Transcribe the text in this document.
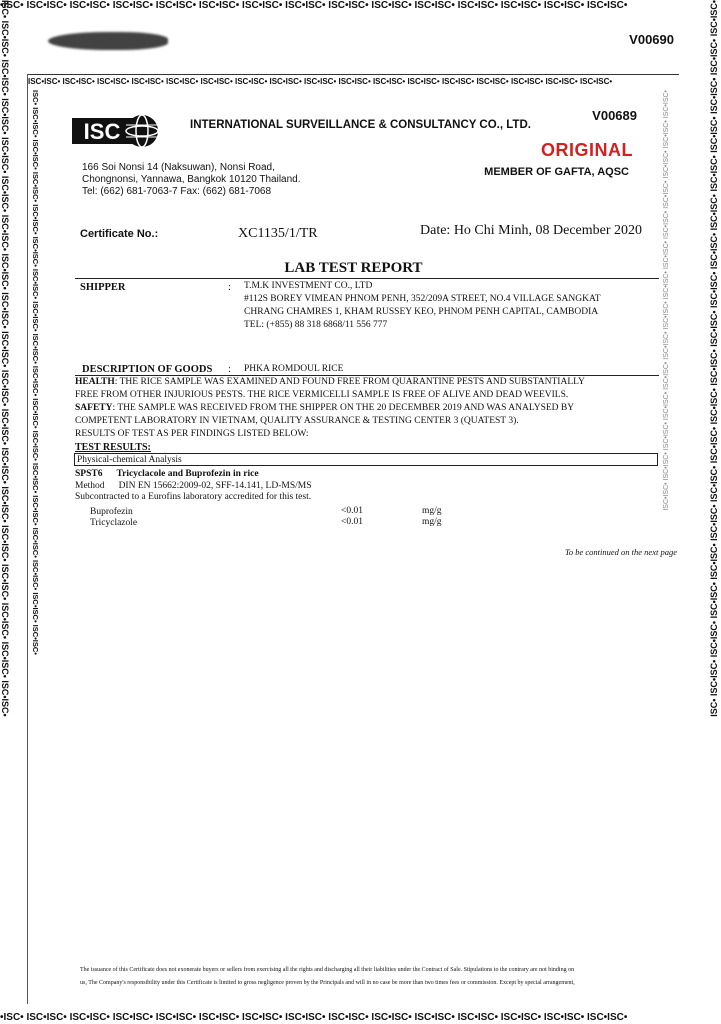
•ISC• ISC•ISC• ISC•ISC• ISC•ISC• ISC•ISC• ISC•ISC• ISC•ISC• ISC•ISC• ISC•ISC• ISC•ISC• ISC•ISC• ISC•ISC• ISC•ISC• ISC•ISC• ISC•ISC•
•ISC• ISC•ISC• ISC•ISC• ISC•ISC• ISC•ISC• ISC•ISC• ISC•ISC• ISC•ISC• ISC•ISC• ISC•ISC• ISC•ISC• ISC•ISC• ISC•ISC• ISC•ISC• ISC•ISC•
ISC• ISC•ISC• ISC•ISC• ISC•ISC• ISC•ISC• ISC•ISC• ISC•ISC• ISC•ISC• ISC•ISC• ISC•ISC• ISC•ISC• ISC•ISC• ISC•ISC• ISC•ISC• ISC•ISC• ISC•ISC• ISC•ISC• ISC•ISC• ISC•ISC•	ISC• ISC•ISC• ISC•ISC• ISC•ISC• ISC•ISC• ISC•ISC• ISC•ISC• ISC•ISC• ISC•ISC• ISC•ISC• ISC•ISC• ISC•ISC• ISC•ISC• ISC•ISC• ISC•ISC• ISC•ISC• ISC•ISC• ISC•ISC• ISC•ISC•
V00690
ISC•ISC• ISC•ISC• ISC•ISC• ISC•ISC• ISC•ISC• ISC•ISC• ISC•ISC• ISC•ISC• ISC•ISC• ISC•ISC• ISC•ISC• ISC•ISC• ISC•ISC• ISC•ISC• ISC•ISC• ISC•ISC• ISC•ISC•
ISC• ISC•ISC• ISC•ISC• ISC•ISC• ISC•ISC• ISC•ISC• ISC•ISC• ISC•ISC• ISC•ISC• ISC•ISC• ISC•ISC• ISC•ISC• ISC•ISC• ISC•ISC• ISC•ISC• ISC•ISC• ISC•ISC• ISC•ISC•	ISC•ISC• ISC•ISC• ISC•ISC• ISC•ISC• ISC•ISC• ISC•ISC• ISC•ISC• ISC•ISC• ISC•ISC• ISC•ISC• ISC•ISC• ISC•ISC• ISC•ISC• ISC•ISC•
ISC	INTERNATIONAL SURVEILLANCE & CONSULTANCY CO., LTD.
V00689
ORIGINAL
MEMBER OF GAFTA, AQSC
166 Soi Nonsi 14 (Naksuwan), Nonsi Road,
Chongnonsi, Yannawa, Bangkok 10120 Thailand.
Tel: (662) 681-7063-7 Fax: (662) 681-7068
Certificate No.:	XC1135/1/TR	Date: Ho Chi Minh, 08 December 2020
LAB TEST REPORT
SHIPPER	: T.M.K INVESTMENT CO., LTD
#112S BOREY VIMEAN PHNOM PENH, 352/209A STREET, NO.4 VILLAGE SANGKAT
CHRANG CHAMRES 1, KHAM RUSSEY KEO, PHNOM PENH CAPITAL, CAMBODIA
TEL: (+855) 88 318 6868/11 556 777
DESCRIPTION OF GOODS : PHKA ROMDOUL RICE
HEALTH: THE RICE SAMPLE WAS EXAMINED AND FOUND FREE FROM QUARANTINE PESTS AND SUBSTANTIALLY
FREE FROM OTHER INJURIOUS PESTS. THE RICE VERMICELLI SAMPLE IS FREE OF ALIVE AND DEAD WEEVILS.
SAFETY: THE SAMPLE WAS RECEIVED FROM THE SHIPPER ON THE 20 DECEMBER 2019 AND WAS ANALYSED BY
COMPETENT LABORATORY IN VIETNAM, QUALITY ASSURANCE & TESTING CENTER 3 (QUATEST 3).
RESULTS OF TEST AS PER FINDINGS LISTED BELOW:
TEST RESULTS:
Physical-chemical Analysis
SPST6 Tricyclacole and Buprofezin in rice
Method DIN EN 15662:2009-02, SFF-14.141, LD-MS/MS
Subcontracted to a Eurofins laboratory accredited for this test.
Buprofezin	<0.01	mg/g
Tricyclazole	<0.01	mg/g
To be continued on the next page
The issuance of this Certificate does not exonerate buyers or sellers from exercising all the rights and discharging all their liabilities under the Contract of Sale. Stipulations to the contrary are not binding on
us, The Company's responsibility under this Certificate is limited to gross negligence proven by the Principals and will in no case be more than two times fees or commission. Except by special arrangement,
